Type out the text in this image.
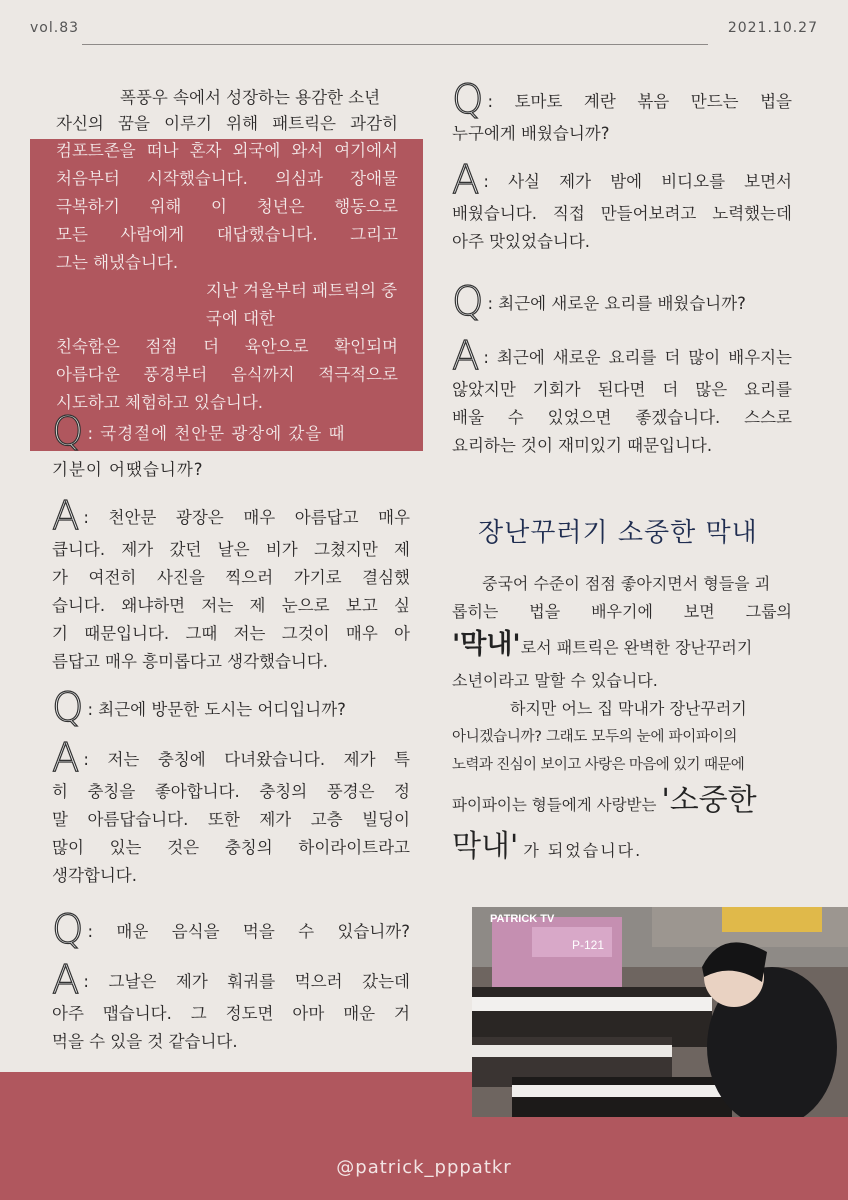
vol.83	2021.10.27

폭풍우 속에서 성장하는 용감한 소년

자신의 꿈을 이루기 위해 패트릭은 과감히

컴포트존을 떠나 혼자 외국에 와서 여기에서

처음부터 시작했습니다. 의심과 장애물

극복하기 위해 이 청년은 행동으로

모든 사람에게 대답했습니다. 그리고

그는 해냈습니다.

지난 겨울부터 패트릭의 중국에 대한

친숙함은 점점 더 육안으로 확인되며

아름다운 풍경부터 음식까지 적극적으로

시도하고 체험하고 있습니다.

Q : 국경절에 천안문 광장에 갔을 때

기분이 어땠습니까?

A : 천안문 광장은 매우 아름답고 매우

큽니다. 제가 갔던 날은 비가 그쳤지만 제

가 여전히 사진을 찍으러 가기로 결심했

습니다. 왜냐하면 저는 제 눈으로 보고 싶

기 때문입니다. 그때 저는 그것이 매우 아

름답고 매우 흥미롭다고 생각했습니다.

Q : 최근에 방문한 도시는 어디입니까?

A : 저는 충칭에 다녀왔습니다. 제가 특

히 충칭을 좋아합니다. 충칭의 풍경은 정

말 아름답습니다. 또한 제가 고층 빌딩이

많이 있는 것은 충칭의 하이라이트라고

생각합니다.

Q : 매운 음식을 먹을 수 있습니까?

A : 그날은 제가 훠궈를 먹으러 갔는데

아주 맵습니다. 그 정도면 아마 매운 거

먹을 수 있을 것 같습니다.

Q : 토마토 계란 볶음 만드는 법을

누구에게 배웠습니까?

A : 사실 제가 밤에 비디오를 보면서

배웠습니다. 직접 만들어보려고 노력했는데

아주 맛있었습니다.

Q : 최근에 새로운 요리를 배웠습니까?

A : 최근에 새로운 요리를 더 많이 배우지는

않았지만 기회가 된다면 더 많은 요리를

배울 수 있었으면 좋겠습니다. 스스로

요리하는 것이 재미있기 때문입니다.

장난꾸러기 소중한 막내

중국어 수준이 점점 좋아지면서 형들을 괴

롭히는 법을 배우기에 보면 그룹의

'막내'로서 패트릭은 완벽한 장난꾸러기

소년이라고 말할 수 있습니다.

하지만 어느 집 막내가 장난꾸러기

아니겠습니까? 그래도 모두의 눈에 파이파이의

노력과 진심이 보이고 사랑은 마음에 있기 때문에

파이파이는 형들에게 사랑받는 '소중한

막내' 가 되었습니다.

P-121
PATRICK TV
@patrick_pppatkr
